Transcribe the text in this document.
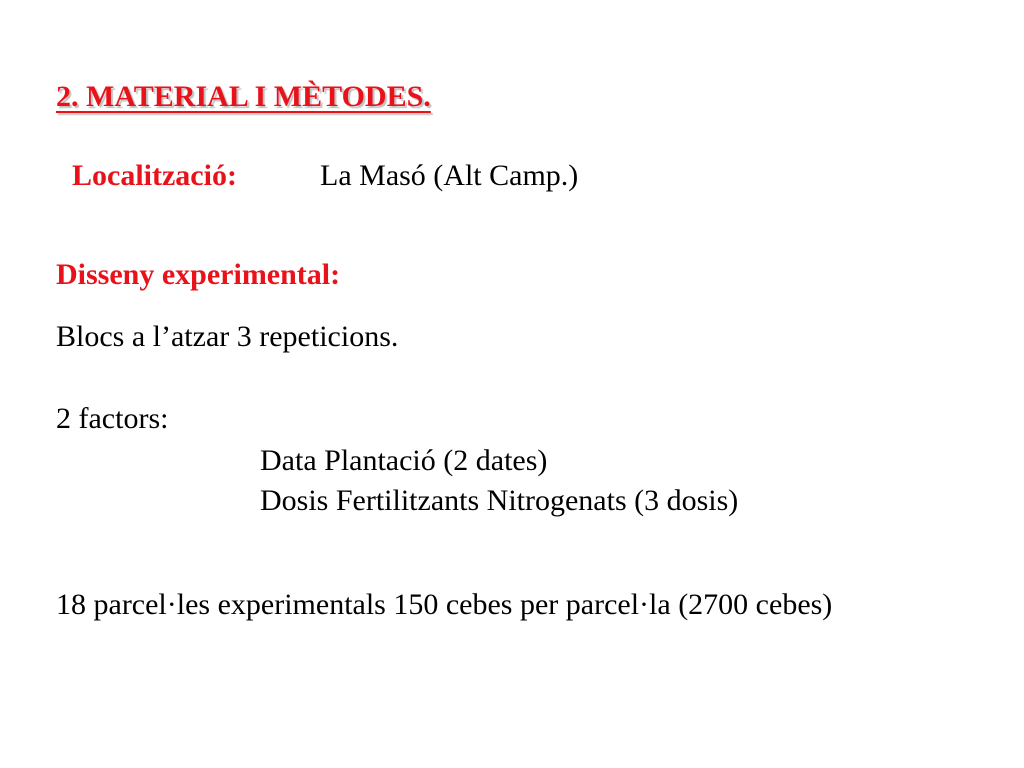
2. MATERIAL I MÈTODES.
Localització:	La Masó (Alt Camp.)
Disseny experimental:
Blocs a l’atzar 3 repeticions.
2 factors:
Data Plantació (2 dates)
Dosis Fertilitzants Nitrogenats (3 dosis)
18 parcel·les experimentals 150 cebes per parcel·la (2700 cebes)
